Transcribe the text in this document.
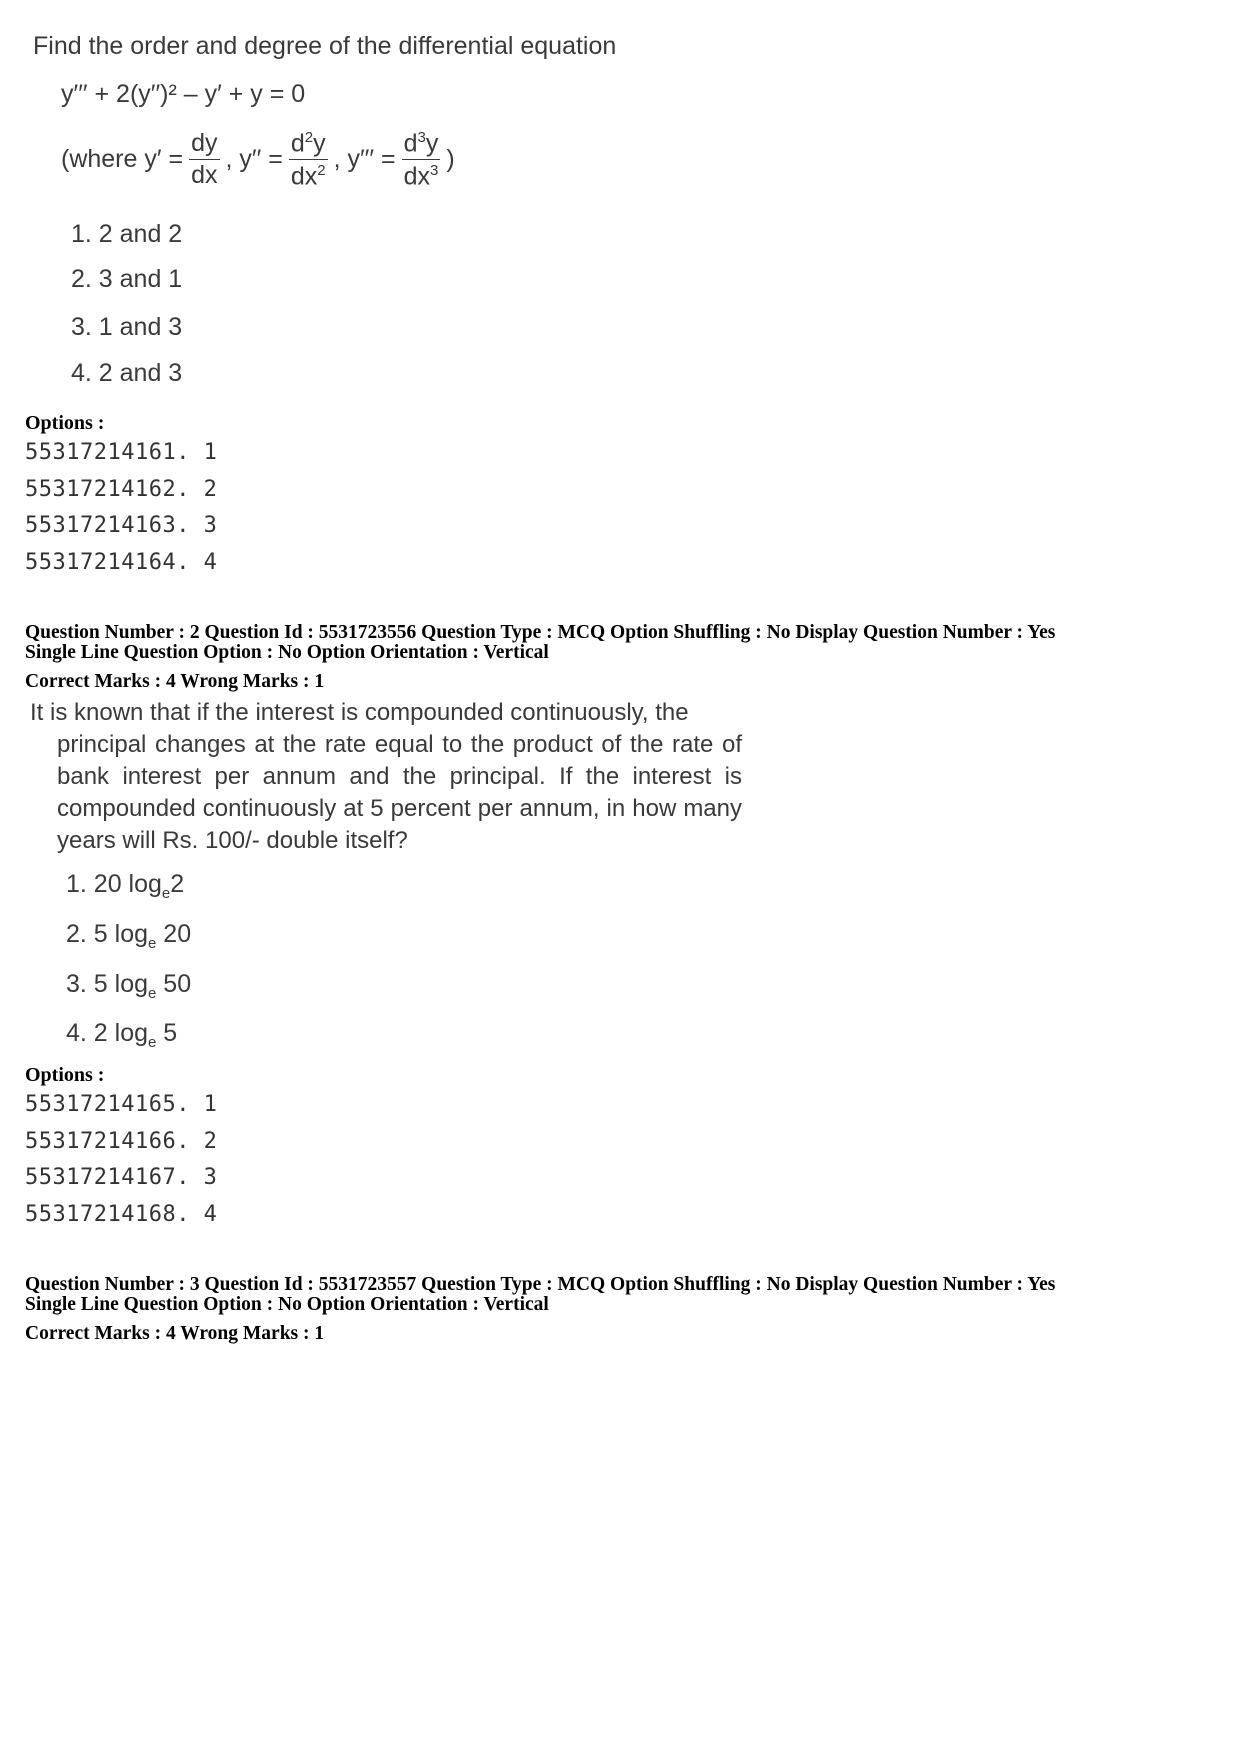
Find the order and degree of the differential equation
y′′′ + 2(y′′)² – y′ + y = 0
(where $y' = \frac{dy}{dx}$ , $y'' = \frac{d^2y}{dx^2}$ , $y''' = \frac{d^3y}{dx^3}$ )
1. 2 and 2
2. 3 and 1
3. 1 and 3
4. 2 and 3
Options :
55317214161. 1
55317214162. 2
55317214163. 3
55317214164. 4
Question Number : 2 Question Id : 5531723556 Question Type : MCQ Option Shuffling : No Display Question Number : Yes
Single Line Question Option : No Option Orientation : Vertical
Correct Marks : 4 Wrong Marks : 1
It is known that if the interest is compounded continuously, the
principal changes at the rate equal to the product of the rate of bank interest per annum and the principal. If the interest is compounded continuously at 5 percent per annum, in how many years will Rs. 100/- double itself?
1. 20 $\log_e2$
2. 5 $\log_e 20$
3. 5 $\log_e 50$
4. 2 $\log_e 5$
Options :
55317214165. 1
55317214166. 2
55317214167. 3
55317214168. 4
Question Number : 3 Question Id : 5531723557 Question Type : MCQ Option Shuffling : No Display Question Number : Yes
Single Line Question Option : No Option Orientation : Vertical
Correct Marks : 4 Wrong Marks : 1
